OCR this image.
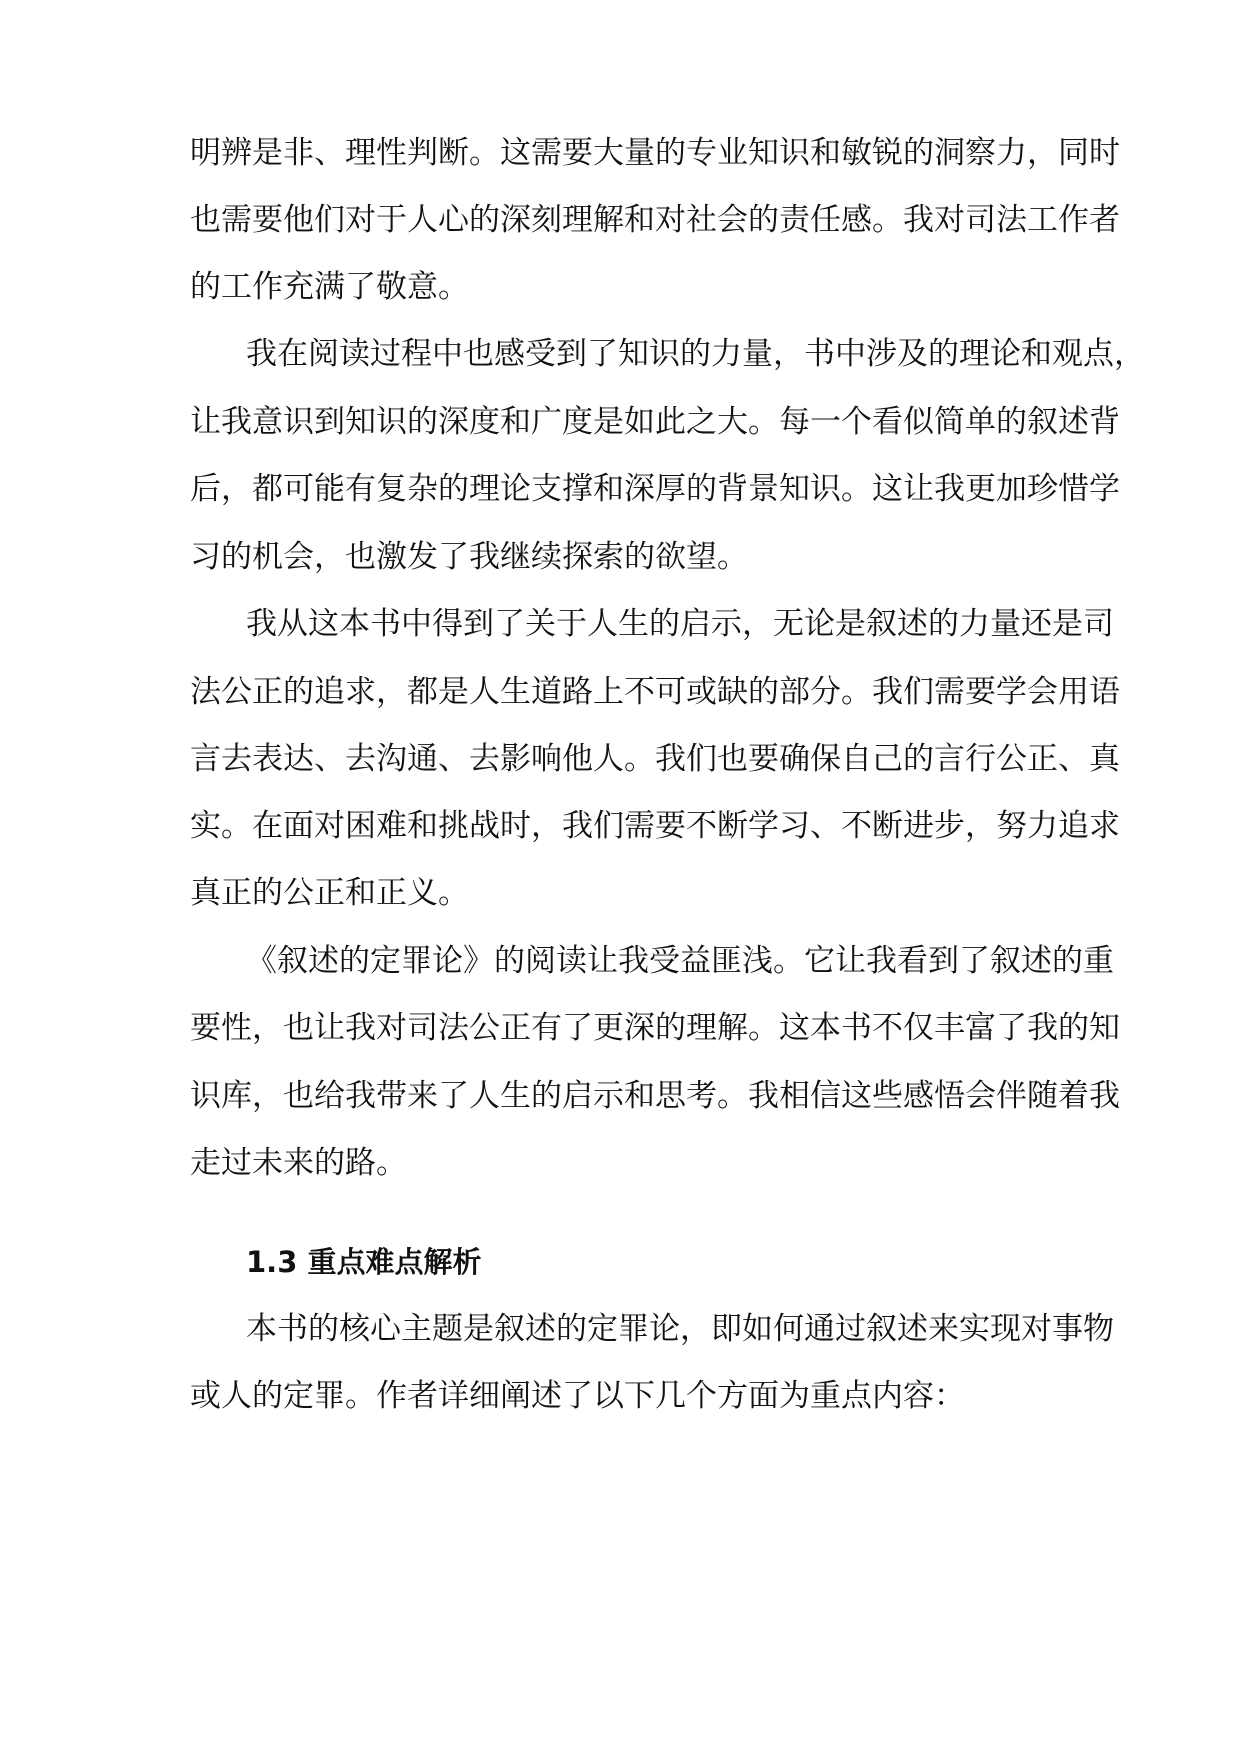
明辨是非、理性判断。这需要大量的专业知识和敏锐的洞察力，同时
也需要他们对于人心的深刻理解和对社会的责任感。我对司法工作者
的工作充满了敬意。
我在阅读过程中也感受到了知识的力量，书中涉及的理论和观点，
让我意识到知识的深度和广度是如此之大。每一个看似简单的叙述背
后，都可能有复杂的理论支撑和深厚的背景知识。这让我更加珍惜学
习的机会，也激发了我继续探索的欲望。
我从这本书中得到了关于人生的启示，无论是叙述的力量还是司
法公正的追求，都是人生道路上不可或缺的部分。我们需要学会用语
言去表达、去沟通、去影响他人。我们也要确保自己的言行公正、真
实。在面对困难和挑战时，我们需要不断学习、不断进步，努力追求
真正的公正和正义。
《叙述的定罪论》的阅读让我受益匪浅。它让我看到了叙述的重
要性，也让我对司法公正有了更深的理解。这本书不仅丰富了我的知
识库，也给我带来了人生的启示和思考。我相信这些感悟会伴随着我
走过未来的路。
本书的核心主题是叙述的定罪论，即如何通过叙述来实现对事物
或人的定罪。作者详细阐述了以下几个方面为重点内容：
1.3 重点难点解析
